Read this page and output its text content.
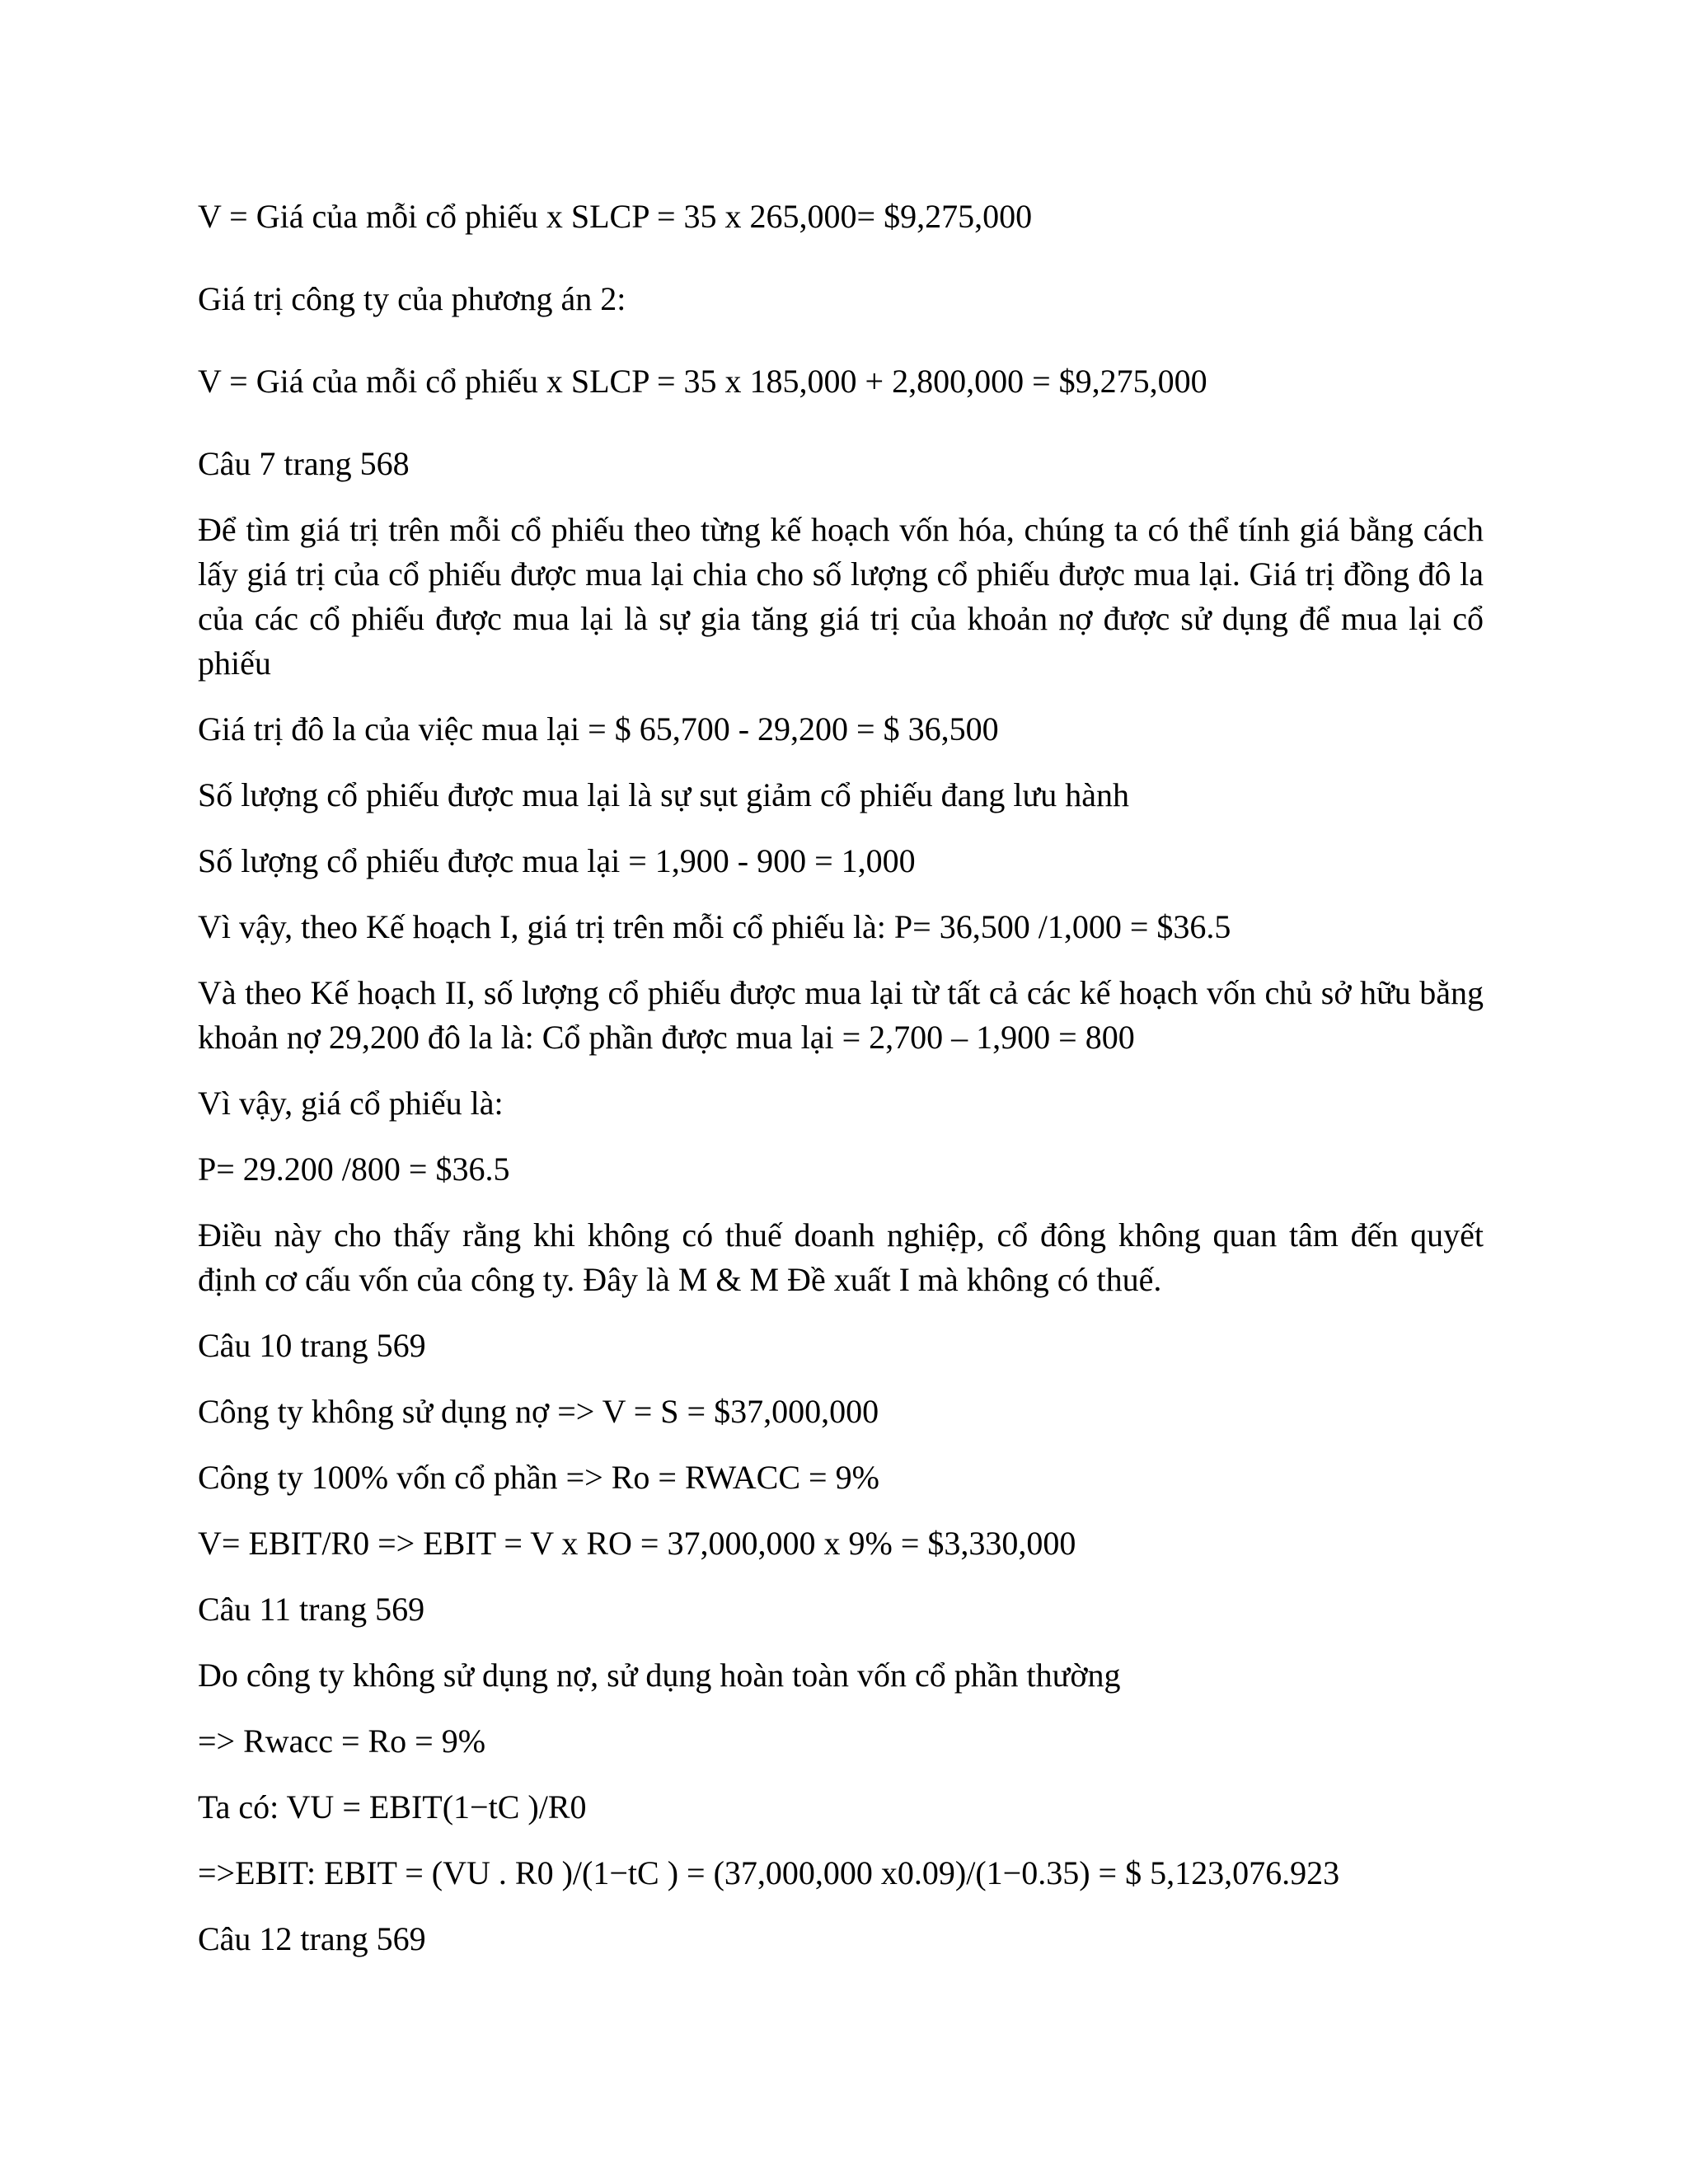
V = Giá của mỗi cổ phiếu x SLCP = 35 x 265,000= $9,275,000

Giá trị công ty của phương án 2:

V = Giá của mỗi cổ phiếu x SLCP = 35 x 185,000 + 2,800,000 = $9,275,000

Câu 7 trang 568

Để tìm giá trị trên mỗi cổ phiếu theo từng kế hoạch vốn hóa, chúng ta có thể tính giá bằng cách lấy giá trị của cổ phiếu được mua lại chia cho số lượng cổ phiếu được mua lại. Giá trị đồng đô la của các cổ phiếu được mua lại là sự gia tăng giá trị của khoản nợ được sử dụng để mua lại cổ phiếu

Giá trị đô la của việc mua lại = $ 65,700 - 29,200 = $ 36,500

Số lượng cổ phiếu được mua lại là sự sụt giảm cổ phiếu đang lưu hành

Số lượng cổ phiếu được mua lại = 1,900 - 900 = 1,000

Vì vậy, theo Kế hoạch I, giá trị trên mỗi cổ phiếu là: P= 36,500 /1,000 = $36.5

Và theo Kế hoạch II, số lượng cổ phiếu được mua lại từ tất cả các kế hoạch vốn chủ sở hữu bằng khoản nợ 29,200 đô la là: Cổ phần được mua lại = 2,700 – 1,900 = 800

Vì vậy, giá cổ phiếu là:

P= 29.200 /800 = $36.5

Điều này cho thấy rằng khi không có thuế doanh nghiệp, cổ đông không quan tâm đến quyết định cơ cấu vốn của công ty. Đây là M & M Đề xuất I mà không có thuế.

Câu 10 trang 569

Công ty không sử dụng nợ => V = S = $37,000,000

Công ty 100% vốn cổ phần => Ro = RWACC = 9%

V= EBIT/R0 => EBIT = V x RO = 37,000,000 x 9% = $3,330,000

Câu 11 trang 569

Do công ty không sử dụng nợ, sử dụng hoàn toàn vốn cổ phần thường

=> Rwacc = Ro = 9%

Ta có: VU = EBIT(1−tC )/R0

=>EBIT: EBIT = (VU . R0 )/(1−tC ) = (37,000,000 x0.09)/(1−0.35) = $ 5,123,076.923

Câu 12 trang 569
